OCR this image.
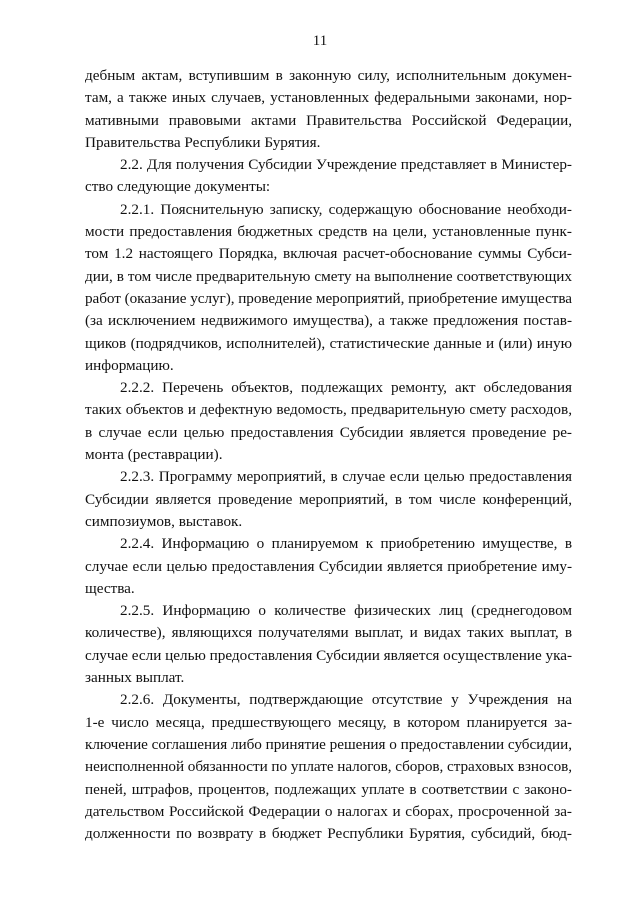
11
дебным актам, вступившим в законную силу, исполнительным докумен-
там, а также иных случаев, установленных федеральными законами, нор-
мативными правовыми актами Правительства Российской Федерации,
Правительства Республики Бурятия.
2.2. Для получения Субсидии Учреждение представляет в Министер-
ство следующие документы:
2.2.1. Пояснительную записку, содержащую обоснование необходи-
мости предоставления бюджетных средств на цели, установленные пунк-
том 1.2 настоящего Порядка, включая расчет-обоснование суммы Субси-
дии, в том числе предварительную смету на выполнение соответствующих
работ (оказание услуг), проведение мероприятий, приобретение имущества
(за исключением недвижимого имущества), а также предложения постав-
щиков (подрядчиков, исполнителей), статистические данные и (или) иную
информацию.
2.2.2. Перечень объектов, подлежащих ремонту, акт обследования
таких объектов и дефектную ведомость, предварительную смету расходов,
в случае если целью предоставления Субсидии является проведение ре-
монта (реставрации).
2.2.3. Программу мероприятий, в случае если целью предоставления
Субсидии является проведение мероприятий, в том числе конференций,
симпозиумов, выставок.
2.2.4. Информацию о планируемом к приобретению имуществе, в
случае если целью предоставления Субсидии является приобретение иму-
щества.
2.2.5. Информацию о количестве физических лиц (среднегодовом
количестве), являющихся получателями выплат, и видах таких выплат, в
случае если целью предоставления Субсидии является осуществление ука-
занных выплат.
2.2.6. Документы, подтверждающие отсутствие у Учреждения на
1-е число месяца, предшествующего месяцу, в котором планируется за-
ключение соглашения либо принятие решения о предоставлении субсидии,
неисполненной обязанности по уплате налогов, сборов, страховых взносов,
пеней, штрафов, процентов, подлежащих уплате в соответствии с законо-
дательством Российской Федерации о налогах и сборах, просроченной за-
долженности по возврату в бюджет Республики Бурятия, субсидий, бюд-
